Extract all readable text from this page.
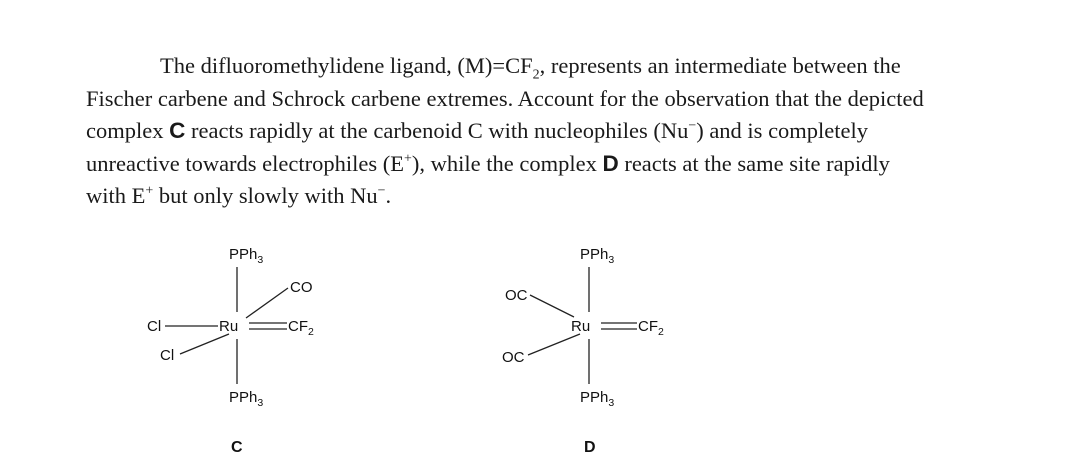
The difluoromethylidene ligand, $(M)=CF_2$, represents an intermediate between the
Fischer carbene and Schrock carbene extremes. Account for the observation that the depicted
complex C reacts rapidly at the carbenoid C with nucleophiles (Nu−) and is completely
unreactive towards electrophiles (E+), while the complex D reacts at the same site rapidly
with E+ but only slowly with Nu−.
PPh$_3$
CO
Cl	Ru	$CF_2$
Cl
PPh$_3$
C
PPh$_3$
OC
Ru	$CF_2$
OC
PPh$_3$
D
